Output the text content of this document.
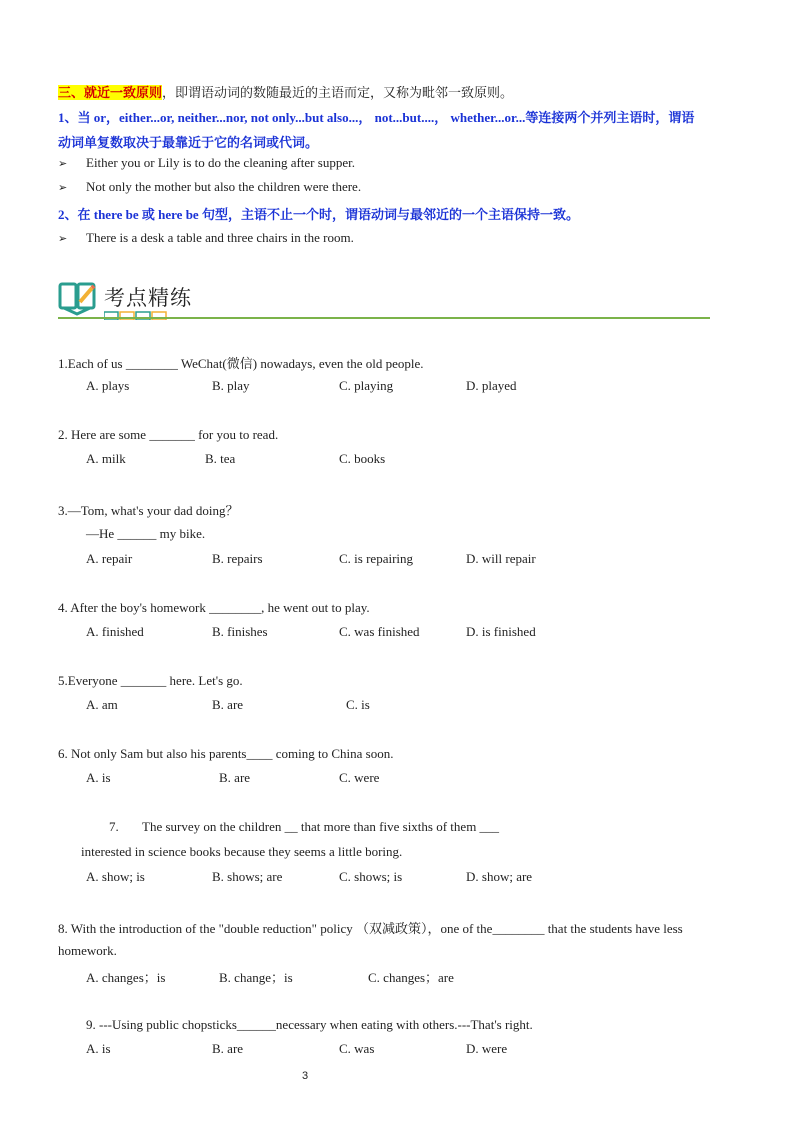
三、就近一致原则，即谓语动词的数随最近的主语而定，又称为毗邻一致原则。
1、当 or，either...or, neither...nor, not only...but also...， not...but....， whether...or...等连接两个并列主语时，谓语
动词单复数取决于最靠近于它的名词或代词。
➢ Either you or Lily is to do the cleaning after supper.
➢ Not only the mother but also the children were there.
2、在 there be 或 here be 句型，主语不止一个时，谓语动词与最邻近的一个主语保持一致。
➢ There is a desk a table and three chairs in the room.
考点精练
1.Each of us ________ WeChat(微信) nowadays, even the old people.
A. plays	B. play	C. playing	D. played
2. Here are some _______ for you to read.
A. milk	B. tea	C. books
3.—Tom, what's your dad doing？
—He ______ my bike.
A. repair	B. repairs	C. is repairing	D. will repair
4. After the boy's homework ________, he went out to play.
A. finished	B. finishes	C. was finished	D. is finished
5.Everyone _______ here. Let's go.
A. am	B. are	C. is
6. Not only Sam but also his parents____ coming to China soon.
A. is	B. are	C. were
7. The survey on the children __ that more than five sixths of them ___
interested in science books because they seems a little boring.
A. show; is	B. shows; are	C. shows; is	D. show; are
8. With the introduction of the "double reduction" policy （双减政策），one of the________ that the students have less
homework.
A. changes；is	B. change；is	C. changes；are
9. ---Using public chopsticks______necessary when eating with others.---That's right.
A. is	B. are	C. was	D. were
3
